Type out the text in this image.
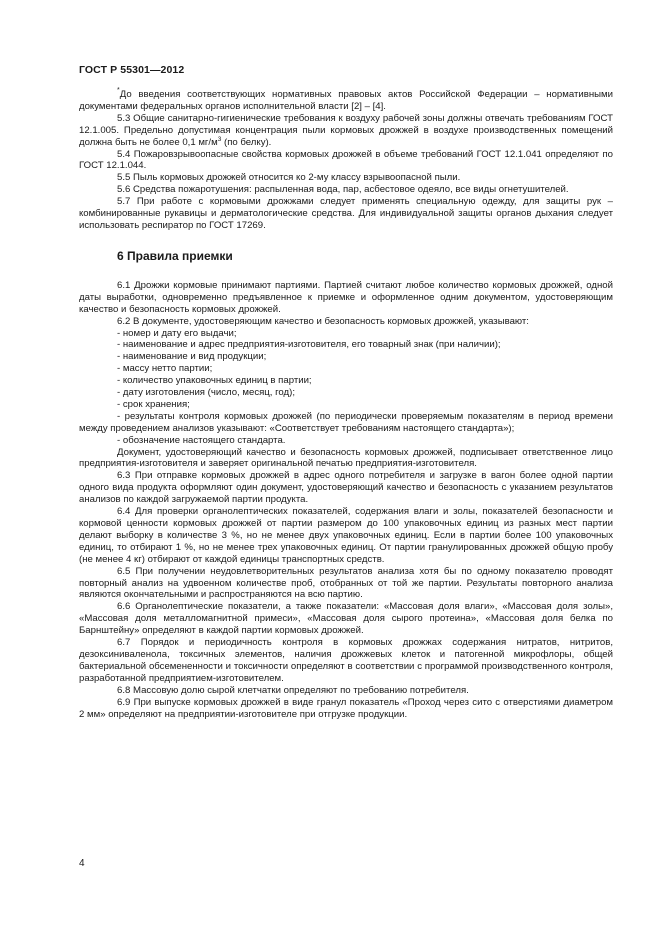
ГОСТ Р 55301—2012

*До введения соответствующих нормативных правовых актов Российской Федерации – нормативными документами федеральных органов исполнительной власти [2] – [4].

5.3 Общие санитарно-гигиенические требования к воздуху рабочей зоны должны отвечать требованиям ГОСТ 12.1.005. Предельно допустимая концентрация пыли кормовых дрожжей в воздухе производственных помещений должна быть не более 0,1 $мг/м^3$ (по белку).

5.4 Пожаровзрывоопасные свойства кормовых дрожжей в объеме требований ГОСТ 12.1.041 определяют по ГОСТ 12.1.044.

5.5 Пыль кормовых дрожжей относится ко 2-му классу взрывоопасной пыли.

5.6 Средства пожаротушения: распыленная вода, пар, асбестовое одеяло, все виды огнетушителей.

5.7 При работе с кормовыми дрожжами следует применять специальную одежду, для защиты рук – комбинированные рукавицы и дерматологические средства. Для индивидуальной защиты органов дыхания следует использовать респиратор по ГОСТ 17269.

6 Правила приемки

6.1 Дрожжи кормовые принимают партиями. Партией считают любое количество кормовых дрожжей, одной даты выработки, одновременно предъявленное к приемке и оформленное одним документом, удостоверяющим качество и безопасность кормовых дрожжей.

6.2 В документе, удостоверяющим качество и безопасность кормовых дрожжей, указывают:

- номер и дату его выдачи;

- наименование и адрес предприятия-изготовителя, его товарный знак (при наличии);

- наименование и вид продукции;

- массу нетто партии;

- количество упаковочных единиц в партии;

- дату изготовления (число, месяц, год);

- срок хранения;

- результаты контроля кормовых дрожжей (по периодически проверяемым показателям в период времени между проведением анализов указывают: «Соответствует требованиям настоящего стандарта»);

- обозначение настоящего стандарта.

Документ, удостоверяющий качество и безопасность кормовых дрожжей, подписывает ответственное лицо предприятия-изготовителя и заверяет оригинальной печатью предприятия-изготовителя.

6.3 При отправке кормовых дрожжей в адрес одного потребителя и загрузке в вагон более одной партии одного вида продукта оформляют один документ, удостоверяющий качество и безопасность с указанием результатов анализов по каждой загружаемой партии продукта.

6.4 Для проверки органолептических показателей, содержания влаги и золы, показателей безопасности и кормовой ценности кормовых дрожжей от партии размером до 100 упаковочных единиц из разных мест партии делают выборку в количестве 3 %, но не менее двух упаковочных единиц. Если в партии более 100 упаковочных единиц, то отбирают 1 %, но не менее трех упаковочных единиц. От партии гранулированных дрожжей общую пробу (не менее 4 кг) отбирают от каждой единицы транспортных средств.

6.5 При получении неудовлетворительных результатов анализа хотя бы по одному показателю проводят повторный анализ на удвоенном количестве проб, отобранных от той же партии. Результаты повторного анализа являются окончательными и распространяются на всю партию.

6.6 Органолептические показатели, а также показатели: «Массовая доля влаги», «Массовая доля золы», «Массовая доля металломагнитной примеси», «Массовая доля сырого протеина», «Массовая доля белка по Барнштейну» определяют в каждой партии кормовых дрожжей.

6.7 Порядок и периодичность контроля в кормовых дрожжах содержания нитратов, нитритов, дезоксиниваленола, токсичных элементов, наличия дрожжевых клеток и патогенной микрофлоры, общей бактериальной обсемененности и токсичности определяют в соответствии с программой производственного контроля, разработанной предприятием-изготовителем.

6.8 Массовую долю сырой клетчатки определяют по требованию потребителя.

6.9 При выпуске кормовых дрожжей в виде гранул показатель «Проход через сито с отверстиями диаметром 2 мм» определяют на предприятии-изготовителе при отгрузке продукции.

4
